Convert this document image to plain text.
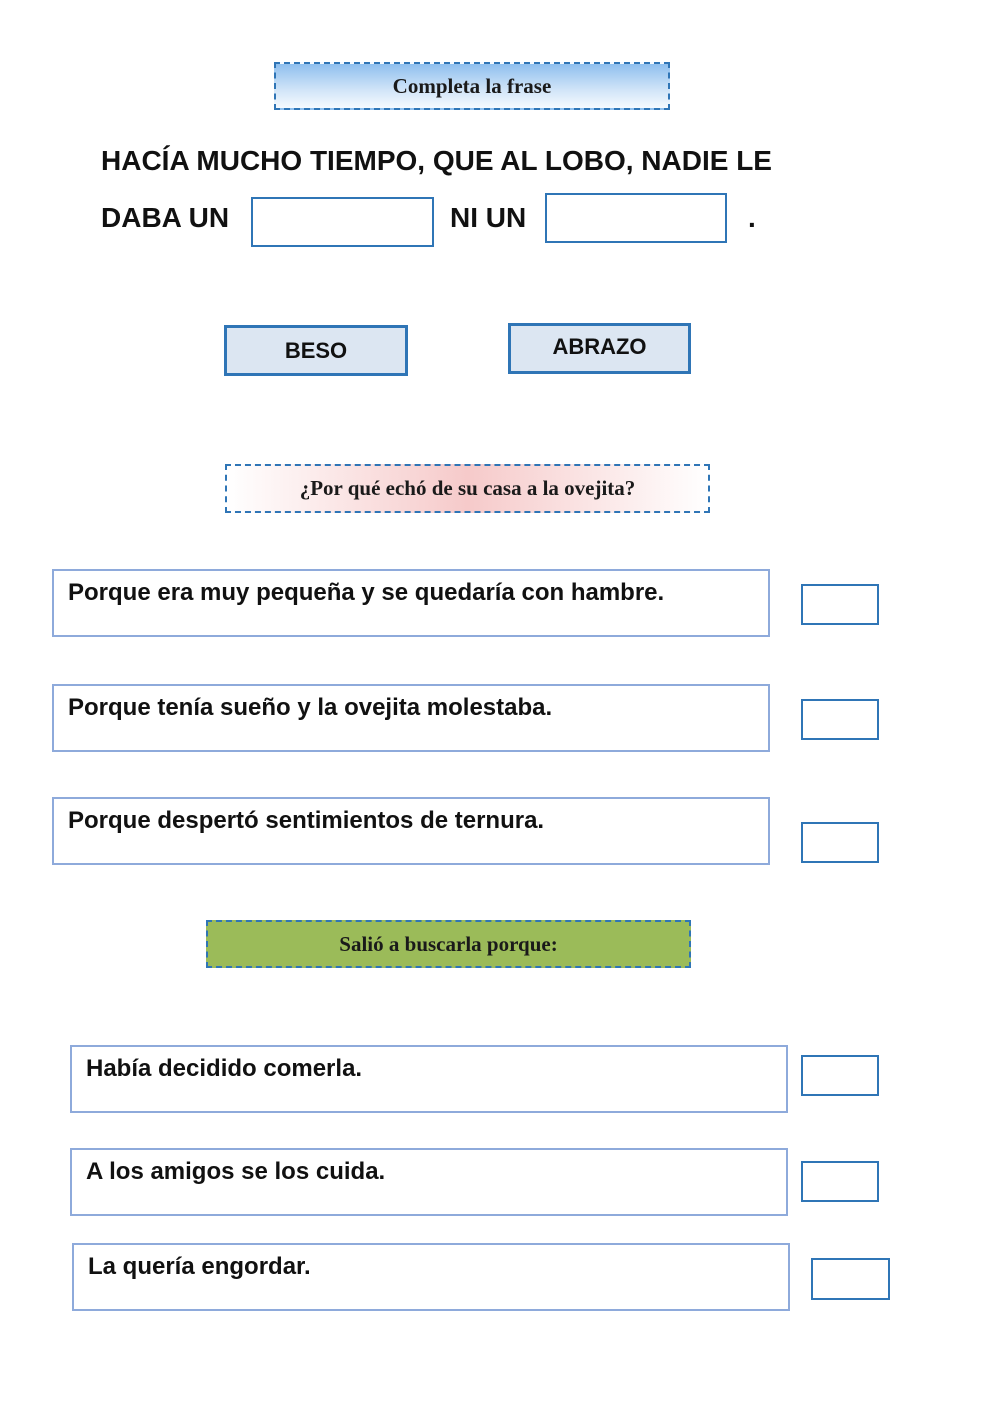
Completa la frase
HACÍA MUCHO TIEMPO, QUE AL LOBO, NADIE LE
DABA UN	NI UN	.
BESO	ABRAZO
¿Por qué echó de su casa a la ovejita?
Porque era muy pequeña y se quedaría con hambre.
Porque tenía sueño y la ovejita molestaba.
Porque despertó sentimientos de ternura.
Salió a buscarla porque:
Había decidido comerla.
A los amigos se los cuida.
La quería engordar.
